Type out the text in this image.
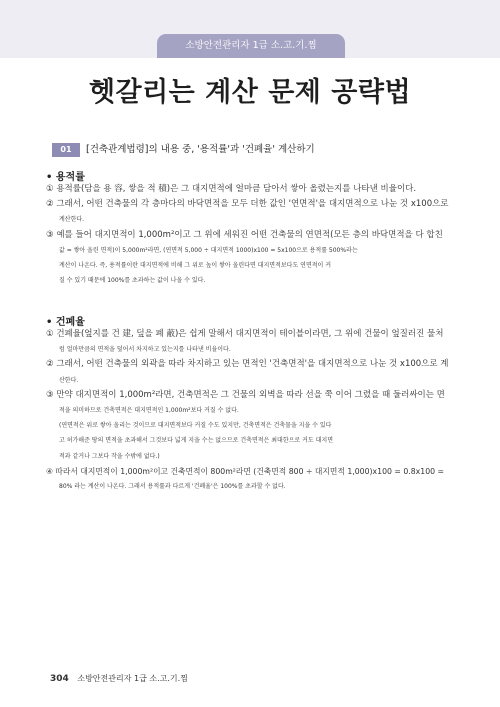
소방안전관리자 1급 소.고.기.찜
헷갈리는 계산 문제 공략법
01	[건축관계법령]의 내용 중, '용적률'과 '건폐율' 계산하기
• 용적률
① 용적률(담을 용 容, 쌓을 적 積)은 그 대지면적에 얼마큼 담아서 쌓아 올렸는지를 나타낸 비율이다.
② 그래서, 어떤 건축물의 각 층마다의 바닥면적을 모두 더한 값인 '연면적'을 대지면적으로 나눈 것 x100으로
계산한다.
③ 예를 들어 대지면적이 1,000m²이고 그 위에 세워진 어떤 건축물의 연면적(모든 층의 바닥면적을 다 합친
값 = 쌓아 올린 면적)이 5,000m²라면, (연면적 5,000 ÷ 대지면적 1000)x100 = 5x100으로 용적률 500%라는
계산이 나온다. 즉, 용적률이란 대지면적에 비해 그 위로 높이 쌓아 올린다면 대지면적보다도 연면적이 커
질 수 있기 때문에 100%를 초과하는 값이 나올 수 있다.
• 건폐율
① 건폐율(엎지를 건 建, 덮을 폐 蔽)은 쉽게 말해서 대지면적이 테이블이라면, 그 위에 건물이 엎질러진 물처
럼 얼마만큼의 면적을 덮어서 차지하고 있는지를 나타낸 비율이다.
② 그래서, 어떤 건축물의 외곽을 따라 차지하고 있는 면적인 '건축면적'을 대지면적으로 나눈 것 x100으로 계
산한다.
③ 만약 대지면적이 1,000m²라면, 건축면적은 그 건물의 외벽을 따라 선을 쭉 이어 그렸을 때 둘러싸이는 면
적을 의미하므로 건축면적은 대지면적인 1,000m²보다 커질 수 없다.
(연면적은 위로 쌓아 올리는 것이므로 대지면적보다 커질 수도 있지만, 건축면적은 건축물을 지을 수 있다
고 허가해준 땅의 면적을 초과해서 그것보다 넓게 지을 수는 없으므로 건축면적은 최대한으로 커도 대지면
적과 같거나 그보다 작을 수밖에 없다.)
④ 따라서 대지면적이 1,000m²이고 건축면적이 800m²라면 (건축면적 800 ÷ 대지면적 1,000)x100 = 0.8x100 =
80% 라는 계산이 나온다. 그래서 용적률과 다르게 '건폐율'은 100%를 초과할 수 없다.
304 소방안전관리자 1급 소.고.기.찜
